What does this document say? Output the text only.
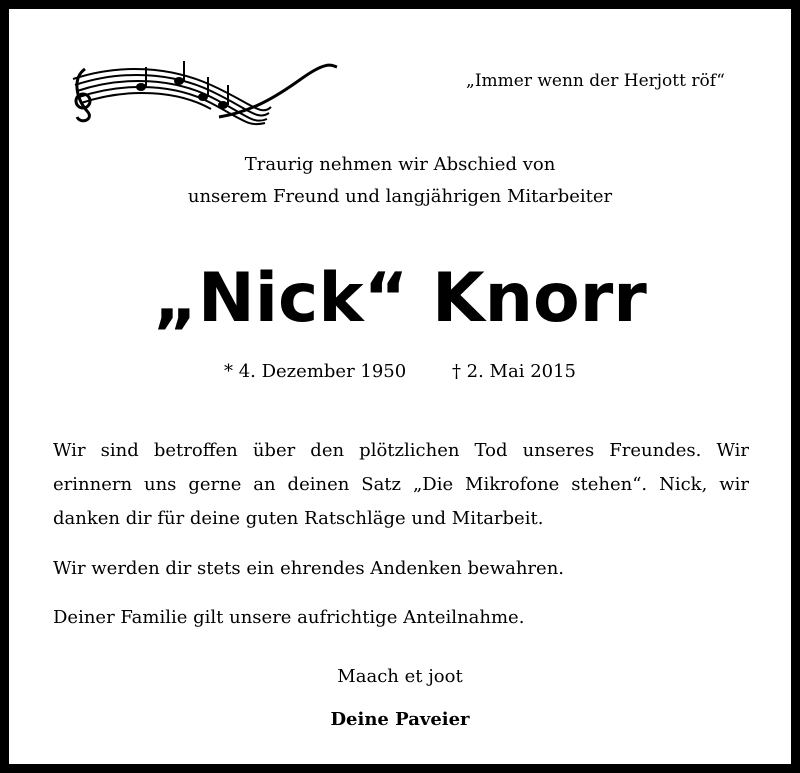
„Immer wenn der Herjott röf“
Traurig nehmen wir Abschied von
unserem Freund und langjährigen Mitarbeiter
„Nick“ Knorr
* 4. Dezember 1950	† 2. Mai 2015
Wir sind betroffen über den plötzlichen Tod unseres Freundes. Wir erinnern uns gerne an deinen Satz „Die Mikrofone stehen“. Nick, wir danken dir für deine guten Ratschläge und Mitarbeit.
Wir werden dir stets ein ehrendes Andenken bewahren.
Deiner Familie gilt unsere aufrichtige Anteilnahme.
Maach et joot
Deine Paveier
